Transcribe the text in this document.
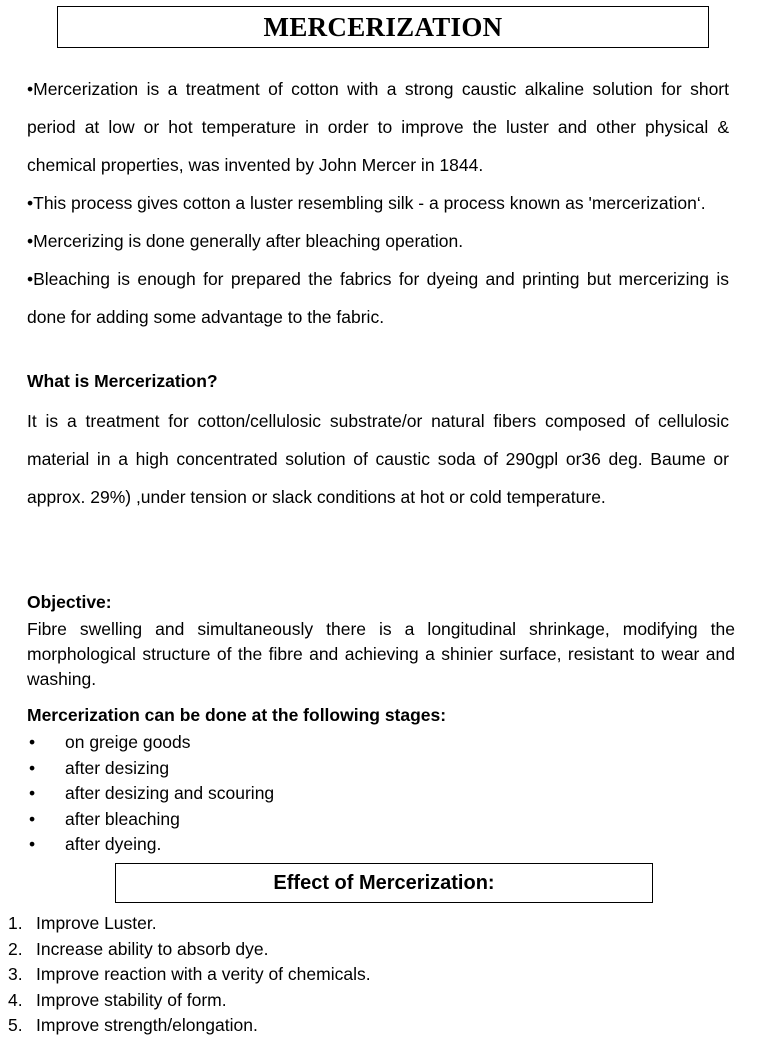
MERCERIZATION

•Mercerization is a treatment of cotton with a strong caustic alkaline solution for short period at low or hot temperature in order to improve the luster and other physical & chemical properties, was invented by John Mercer in 1844.

•This process gives cotton a luster resembling silk - a process known as 'mercerization‘.

•Mercerizing is done generally after bleaching operation.

•Bleaching is enough for prepared the fabrics for dyeing and printing but mercerizing is done for adding some advantage to the fabric.

What is Mercerization?

It is a treatment for cotton/cellulosic substrate/or natural fibers composed of cellulosic material in a high concentrated solution of caustic soda of 290gpl or36 deg. Baume or approx. 29%) ,under tension or slack conditions at hot or cold temperature.

Objective:

Fibre swelling and simultaneously there is a longitudinal shrinkage, modifying the morphological structure of the fibre and achieving a shinier surface, resistant to wear and washing.

Mercerization can be done at the following stages:
•	on greige goods
•	after desizing
•	after desizing and scouring
•	after bleaching
•	after dyeing.
Effect of Mercerization:
1. Improve Luster.
2. Increase ability to absorb dye.
3. Improve reaction with a verity of chemicals.
4. Improve stability of form.
5. Improve strength/elongation.
